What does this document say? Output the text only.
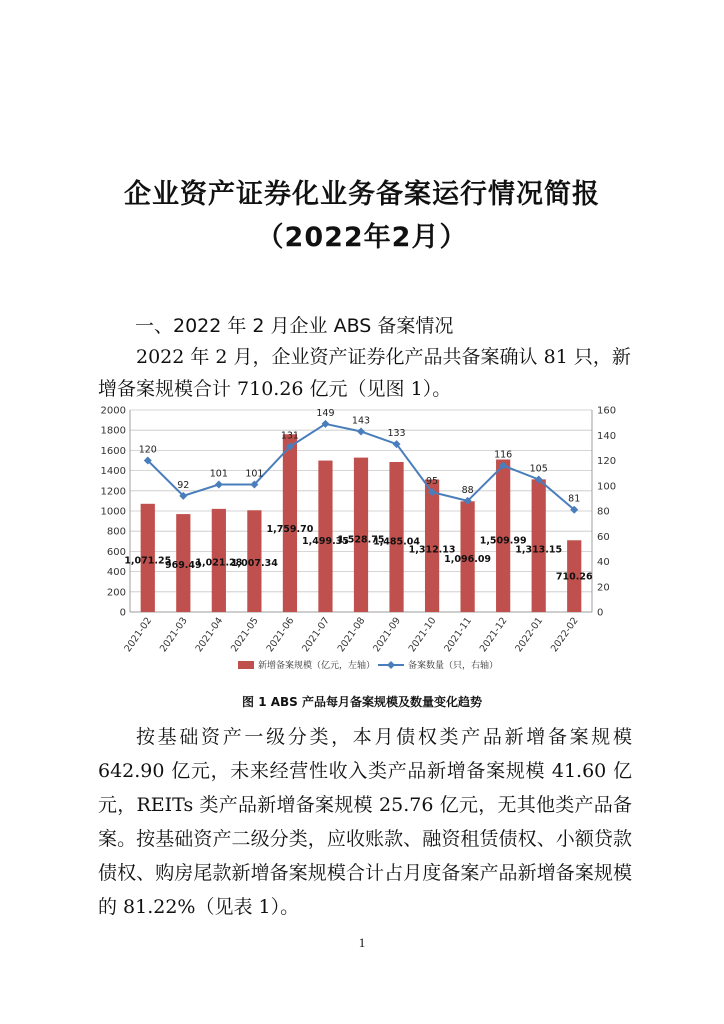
企业资产证券化业务备案运行情况简报
（2022年2月）
一、2022 年 2 月企业 ABS 备案情况
2022 年 2 月，企业资产证券化产品共备案确认 81 只，新增备案规模合计 710.26 亿元（见图 1）。
1,071.25
969.49
1,021.28
1,007.34
1,759.70
1,499.35
1,528.75
1,485.04
1,312.13
1,096.09
1,509.99
1,313.15
710.26
120
92
101 101
131
149
143
133
95
88
116
105
81
2021-02 2021-03 2021-04 2021-05 2021-06 2021-07 2021-08 2021-09 2021-10 2021-11 2021-12 2022-01 2022-02
0
200
400
600
800
1000
1200
1400
1600
1800
2000
0
20
40
60
80
100
120
140
160
新增备案规模（亿元，左轴）	备案数量（只，右轴）
图 1 ABS 产品每月备案规模及数量变化趋势
按基础资产一级分类，本月债权类产品新增备案规模 642.90 亿元，未来经营性收入类产品新增备案规模 41.60 亿元，REITs 类产品新增备案规模 25.76 亿元，无其他类产品备案。按基础资产二级分类，应收账款、融资租赁债权、小额贷款债权、购房尾款新增备案规模合计占月度备案产品新增备案规模的 81.22%（见表 1）。
1
